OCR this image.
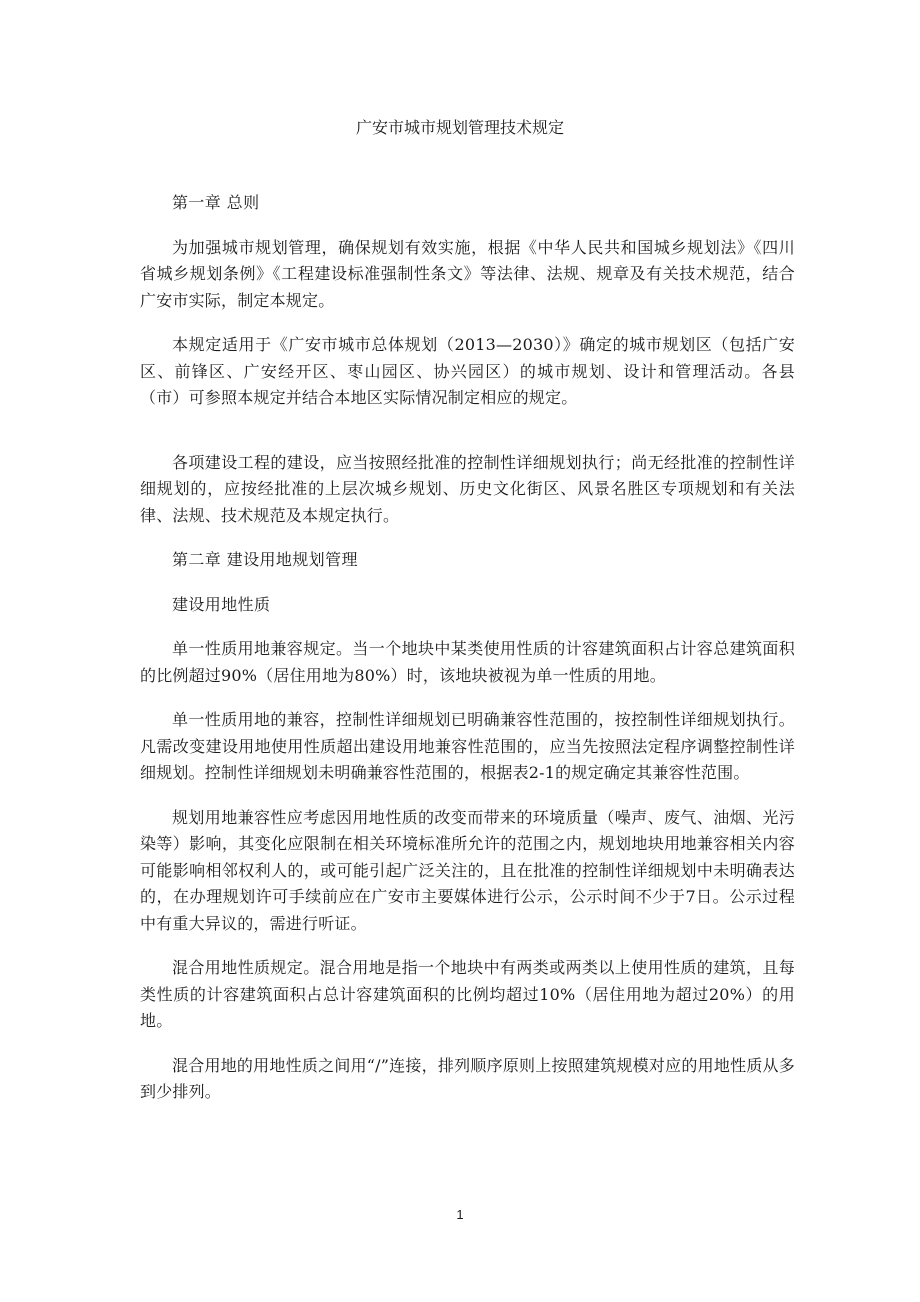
广安市城市规划管理技术规定

第一章 总则

为加强城市规划管理，确保规划有效实施，根据《中华人民共和国城乡规划法》《四川省城乡规划条例》《工程建设标准强制性条文》等法律、法规、规章及有关技术规范，结合广安市实际，制定本规定。

本规定适用于《广安市城市总体规划（2013—2030）》确定的城市规划区（包括广安区、前锋区、广安经开区、枣山园区、协兴园区）的城市规划、设计和管理活动。各县（市）可参照本规定并结合本地区实际情况制定相应的规定。

各项建设工程的建设，应当按照经批准的控制性详细规划执行；尚无经批准的控制性详细规划的，应按经批准的上层次城乡规划、历史文化街区、风景名胜区专项规划和有关法律、法规、技术规范及本规定执行。

第二章 建设用地规划管理

建设用地性质

单一性质用地兼容规定。当一个地块中某类使用性质的计容建筑面积占计容总建筑面积的比例超过90%（居住用地为80%）时，该地块被视为单一性质的用地。

单一性质用地的兼容，控制性详细规划已明确兼容性范围的，按控制性详细规划执行。凡需改变建设用地使用性质超出建设用地兼容性范围的，应当先按照法定程序调整控制性详细规划。控制性详细规划未明确兼容性范围的，根据表2-1的规定确定其兼容性范围。

规划用地兼容性应考虑因用地性质的改变而带来的环境质量（噪声、废气、油烟、光污染等）影响，其变化应限制在相关环境标准所允许的范围之内，规划地块用地兼容相关内容可能影响相邻权利人的，或可能引起广泛关注的，且在批准的控制性详细规划中未明确表达的，在办理规划许可手续前应在广安市主要媒体进行公示，公示时间不少于7日。公示过程中有重大异议的，需进行听证。

混合用地性质规定。混合用地是指一个地块中有两类或两类以上使用性质的建筑，且每类性质的计容建筑面积占总计容建筑面积的比例均超过10%（居住用地为超过20%）的用地。

混合用地的用地性质之间用“/”连接，排列顺序原则上按照建筑规模对应的用地性质从多到少排列。

1
